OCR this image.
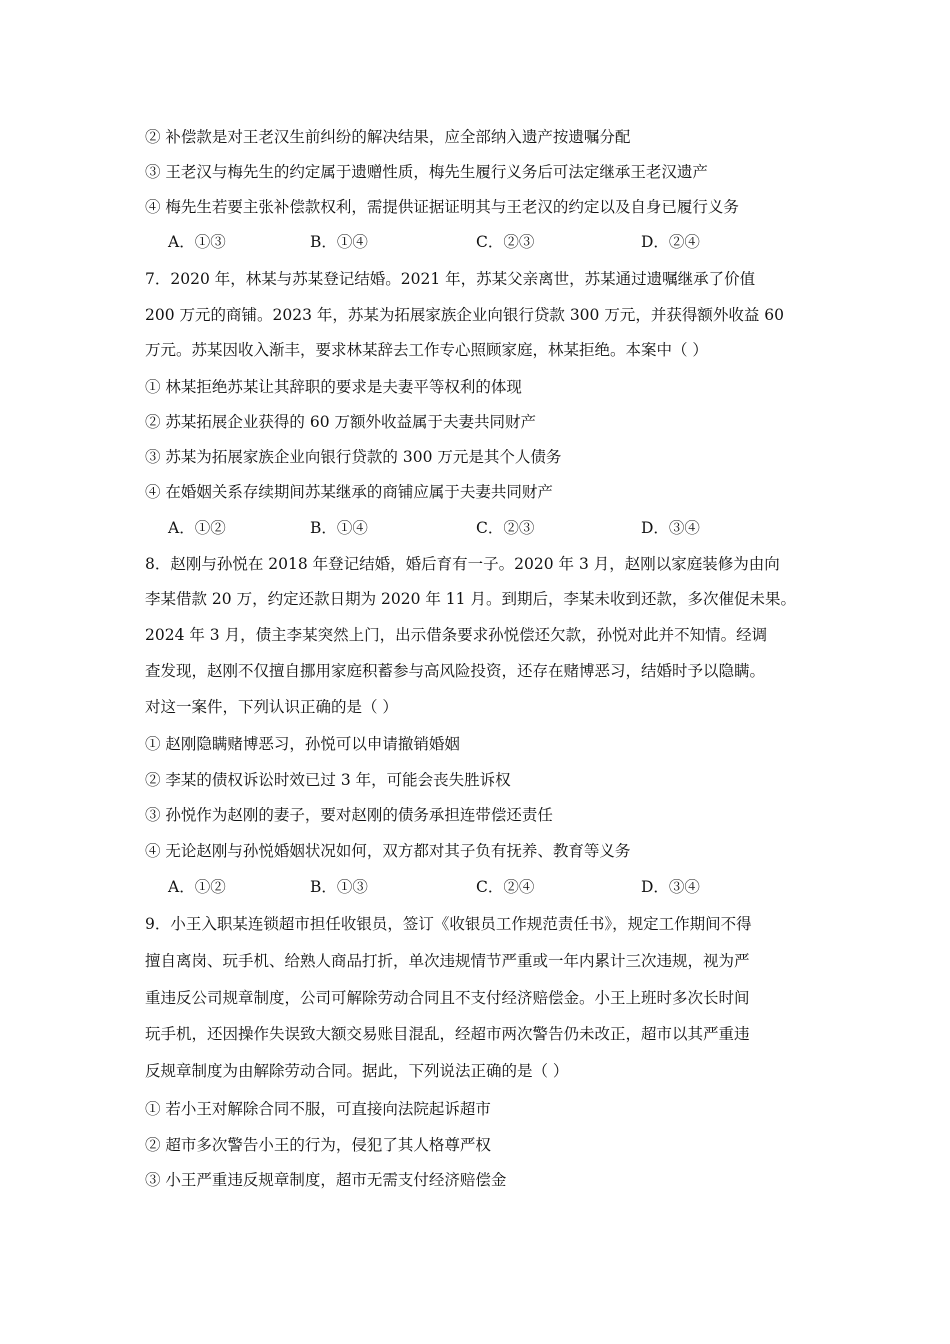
② 补偿款是对王老汉生前纠纷的解决结果，应全部纳入遗产按遗嘱分配
③ 王老汉与梅先生的约定属于遗赠性质，梅先生履行义务后可法定继承王老汉遗产
④ 梅先生若要主张补偿款权利，需提供证据证明其与王老汉的约定以及自身已履行义务
A．①③	B．①④	C．②③	D．②④
7．2020 年，林某与苏某登记结婚。2021 年，苏某父亲离世，苏某通过遗嘱继承了价值
200 万元的商铺。2023 年，苏某为拓展家族企业向银行贷款 300 万元，并获得额外收益 60
万元。苏某因收入渐丰，要求林某辞去工作专心照顾家庭，林某拒绝。本案中（ ）
① 林某拒绝苏某让其辞职的要求是夫妻平等权利的体现
② 苏某拓展企业获得的 60 万额外收益属于夫妻共同财产
③ 苏某为拓展家族企业向银行贷款的 300 万元是其个人债务
④ 在婚姻关系存续期间苏某继承的商铺应属于夫妻共同财产
A．①②	B．①④	C．②③	D．③④
8．赵刚与孙悦在 2018 年登记结婚，婚后育有一子。2020 年 3 月，赵刚以家庭装修为由向
李某借款 20 万，约定还款日期为 2020 年 11 月。到期后，李某未收到还款，多次催促未果。
2024 年 3 月，债主李某突然上门，出示借条要求孙悦偿还欠款，孙悦对此并不知情。经调
查发现，赵刚不仅擅自挪用家庭积蓄参与高风险投资，还存在赌博恶习，结婚时予以隐瞒。
对这一案件，下列认识正确的是（ ）
① 赵刚隐瞒赌博恶习，孙悦可以申请撤销婚姻
② 李某的债权诉讼时效已过 3 年，可能会丧失胜诉权
③ 孙悦作为赵刚的妻子，要对赵刚的债务承担连带偿还责任
④ 无论赵刚与孙悦婚姻状况如何，双方都对其子负有抚养、教育等义务
A．①②	B．①③	C．②④	D．③④
9．小王入职某连锁超市担任收银员，签订《收银员工作规范责任书》，规定工作期间不得
擅自离岗、玩手机、给熟人商品打折，单次违规情节严重或一年内累计三次违规，视为严
重违反公司规章制度，公司可解除劳动合同且不支付经济赔偿金。小王上班时多次长时间
玩手机，还因操作失误致大额交易账目混乱，经超市两次警告仍未改正，超市以其严重违
反规章制度为由解除劳动合同。据此，下列说法正确的是（ ）
① 若小王对解除合同不服，可直接向法院起诉超市
② 超市多次警告小王的行为，侵犯了其人格尊严权
③ 小王严重违反规章制度，超市无需支付经济赔偿金
